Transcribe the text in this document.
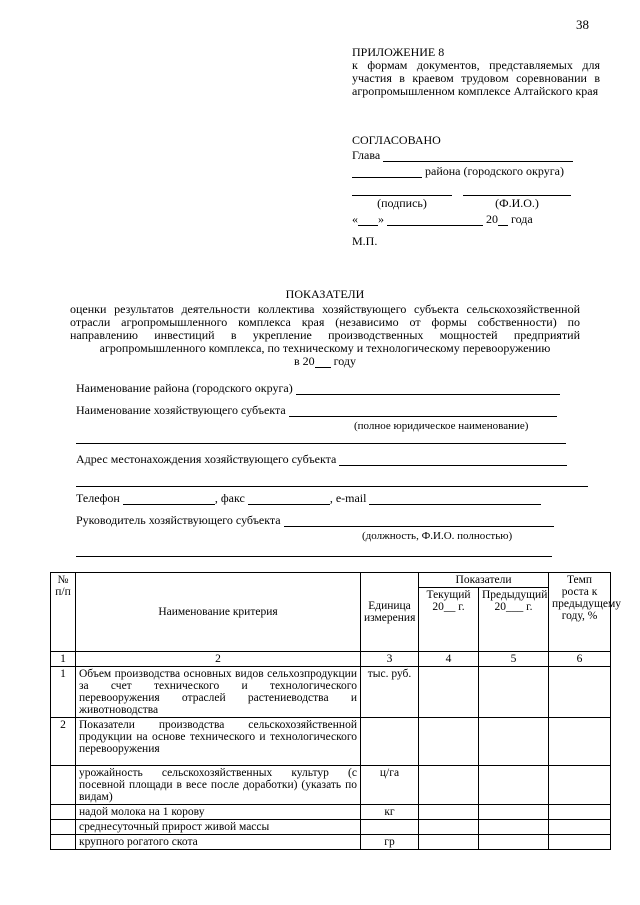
38
ПРИЛОЖЕНИЕ 8
к формам документов, представляемых для участия в краевом трудовом соревновании в агропромышленном комплексе Алтайского края
СОГЛАСОВАНО
Глава
района (городского округа)

(подпись)	(Ф.И.О.)
« »	20 года
М.П.
ПОКАЗАТЕЛИ
оценки результатов деятельности коллектива хозяйствующего субъекта сельскохозяйственной отрасли агропромышленного комплекса края (независимо от формы собственности) по направлению инвестиций в укрепление производственных мощностей предприятий агропромышленного комплекса, по техническому и технологическому перевооружению
в 20 году
Наименование района (городского округа)
Наименование хозяйствующего субъекта
(полное юридическое наименование)
Адрес местонахождения хозяйствующего субъекта
Телефон	, факс	, e-mail
Руководитель хозяйствующего субъекта
(должность, Ф.И.О. полностью)
№ п/п	Наименование критерия	Единица измерения	Показатели		Темп роста к предыдущему году, %
			Текущий 20__ г.	Предыдущий 20___ г.	
1	2	3	4	5	6
1	Объем производства основных видов сельхозпродукции за счет технического и технологического перевооружения отраслей растениеводства и животноводства	тыс. руб.			
2	Показатели производства сельскохозяйственной продукции на основе технического и технологического перевооружения				
	урожайность сельскохозяйственных культур (с посевной площади в весе после доработки) (указать по видам)	ц/га			
	надой молока на 1 корову	кг			
	среднесуточный прирост живой массы				
	крупного рогатого скота	гр			
